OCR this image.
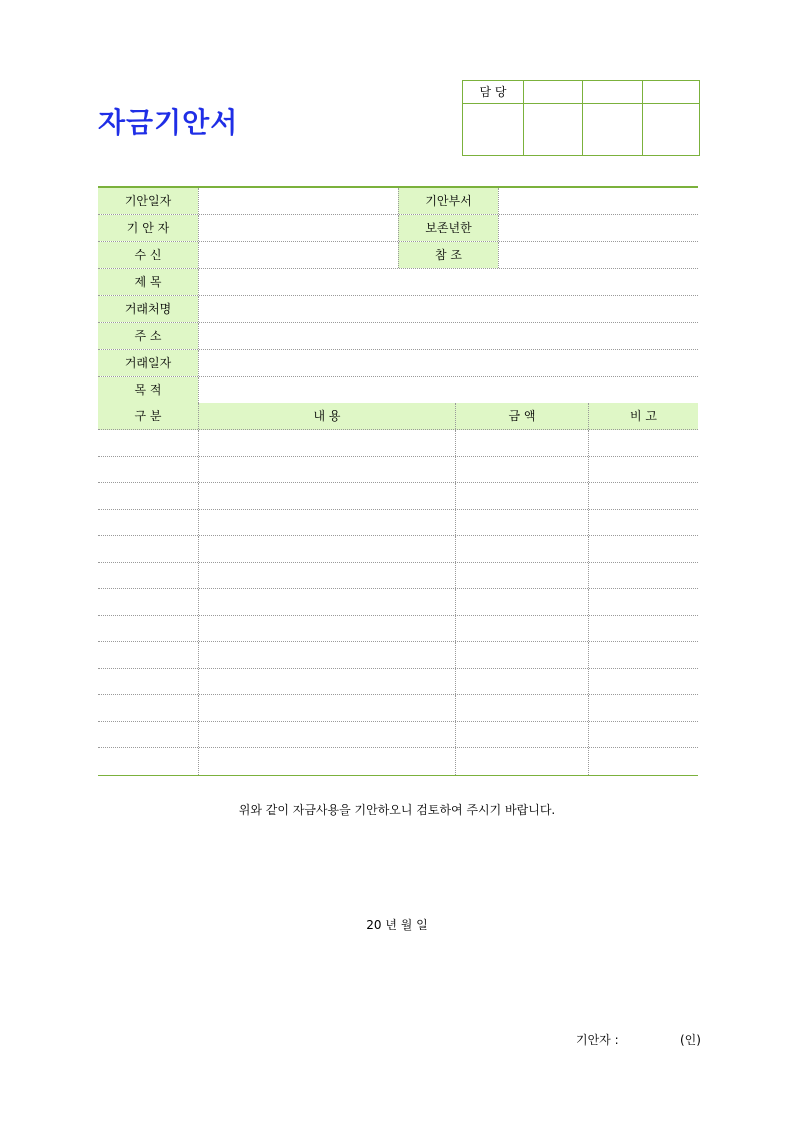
자금기안서
담 당
기안일자	기안부서
기 안 자	보존년한
수 신	참 조
제 목
거래처명
주 소
거래일자
목 적
구 분	내 용	금 액	비 고
위와 같이 자금사용을 기안하오니 검토하여 주시기 바랍니다.
20 년 월 일
기안자 :	(인)
